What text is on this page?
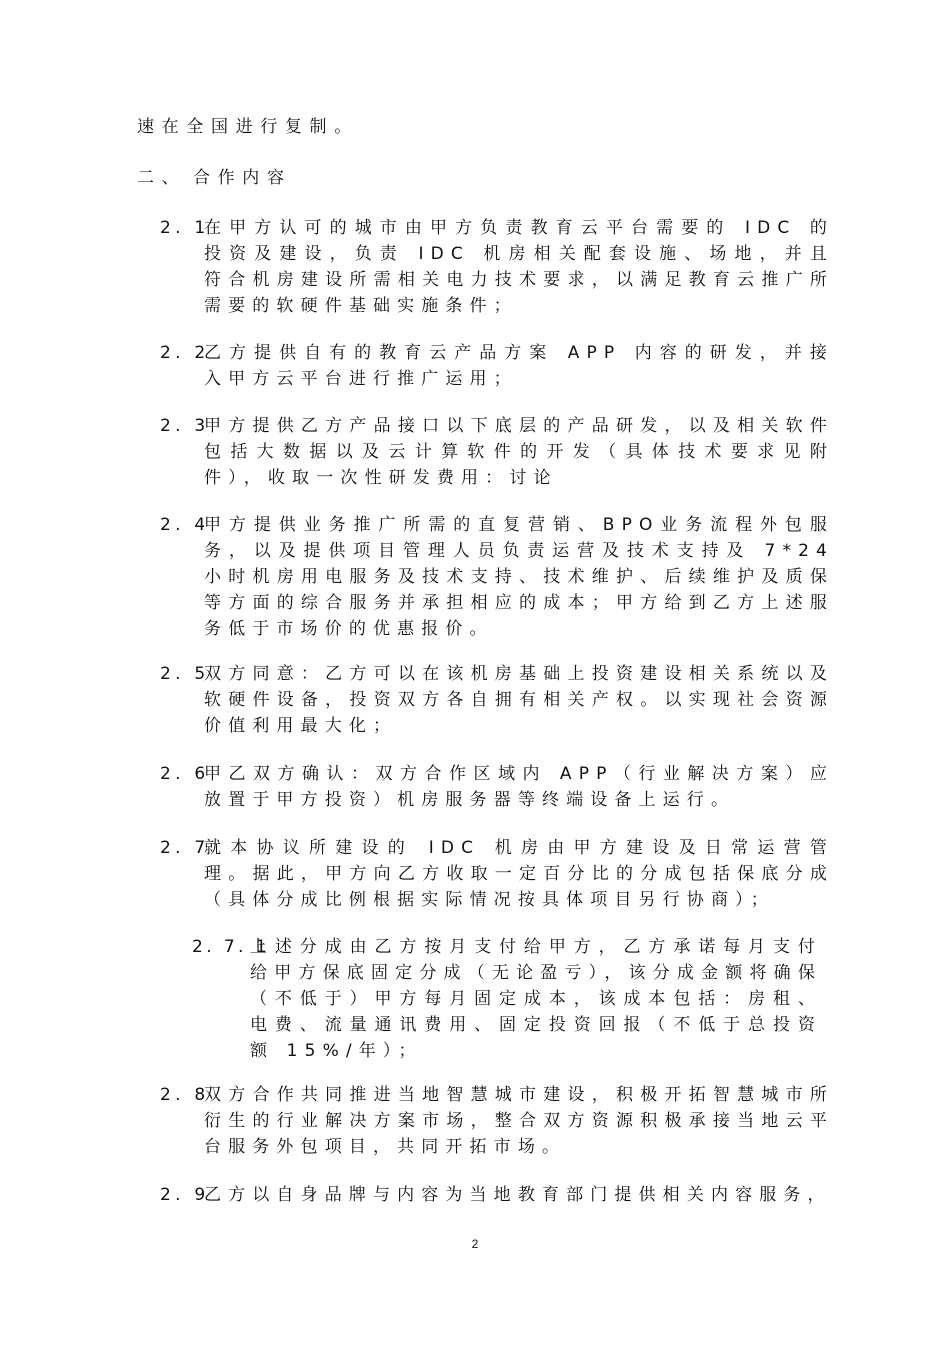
速在全国进行复制。
二、 合作内容
2. 1
在甲方认可的城市由甲方负责教育云平台需要的 IDC 的投资及建设，负责 IDC 机房相关配套设施、场地，并且符合机房建设所需相关电力技术要求，以满足教育云推广所需要的软硬件基础实施条件；
2. 2
乙方提供自有的教育云产品方案 APP 内容的研发，并接入甲方云平台进行推广运用；
2. 3
甲方提供乙方产品接口以下底层的产品研发，以及相关软件包括大数据以及云计算软件的开发（具体技术要求见附件），收取一次性研发费用：讨论
2. 4
甲方提供业务推广所需的直复营销、BPO业务流程外包服务，以及提供项目管理人员负责运营及技术支持及 7*24 小时机房用电服务及技术支持、技术维护、后续维护及质保等方面的综合服务并承担相应的成本；甲方给到乙方上述服务低于市场价的优惠报价。
2. 5
双方同意：乙方可以在该机房基础上投资建设相关系统以及软硬件设备，投资双方各自拥有相关产权。以实现社会资源价值利用最大化；
2. 6
甲乙双方确认：双方合作区域内 APP（行业解决方案）应放置于甲方投资）机房服务器等终端设备上运行。
2. 7
就本协议所建设的 IDC 机房由甲方建设及日常运营管理。据此，甲方向乙方收取一定百分比的分成包括保底分成（具体分成比例根据实际情况按具体项目另行协商）；
2. 7. 1
上述分成由乙方按月支付给甲方，乙方承诺每月支付给甲方保底固定分成（无论盈亏），该分成金额将确保（不低于）甲方每月固定成本，该成本包括：房租、电费、流量通讯费用、固定投资回报（不低于总投资额 15%/年）；
2. 8
双方合作共同推进当地智慧城市建设，积极开拓智慧城市所衍生的行业解决方案市场，整合双方资源积极承接当地云平台服务外包项目，共同开拓市场。
2. 9
乙方以自身品牌与内容为当地教育部门提供相关内容服务，
2
